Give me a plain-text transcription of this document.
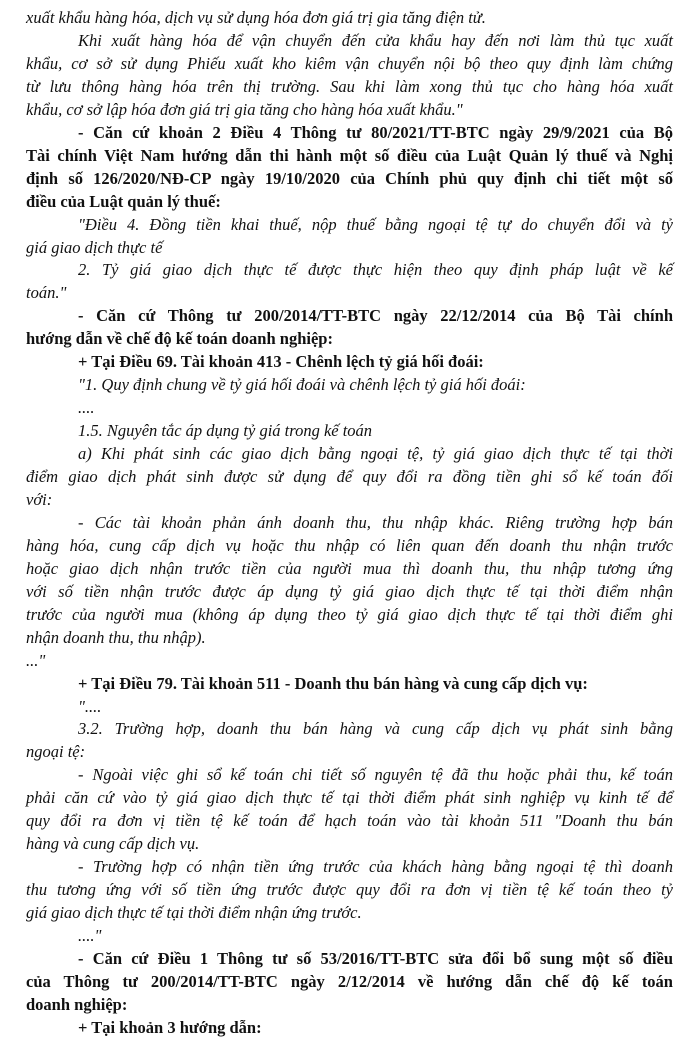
xuất khẩu hàng hóa, dịch vụ sử dụng hóa đơn giá trị gia tăng điện tử.
Khi xuất hàng hóa để vận chuyển đến cửa khẩu hay đến nơi làm thủ tục xuất
khẩu, cơ sở sử dụng Phiếu xuất kho kiêm vận chuyển nội bộ theo quy định làm chứng
từ lưu thông hàng hóa trên thị trường. Sau khi làm xong thủ tục cho hàng hóa xuất
khẩu, cơ sở lập hóa đơn giá trị gia tăng cho hàng hóa xuất khẩu."
- Căn cứ khoản 2 Điều 4 Thông tư 80/2021/TT-BTC ngày 29/9/2021 của Bộ
Tài chính Việt Nam hướng dẫn thi hành một số điều của Luật Quản lý thuế và Nghị
định số 126/2020/NĐ-CP ngày 19/10/2020 của Chính phủ quy định chi tiết một số
điều của Luật quản lý thuế:
"Điều 4. Đồng tiền khai thuế, nộp thuế bằng ngoại tệ tự do chuyển đổi và tỷ
giá giao dịch thực tế
2. Tỷ giá giao dịch thực tế được thực hiện theo quy định pháp luật về kế
toán."
- Căn cứ Thông tư 200/2014/TT-BTC ngày 22/12/2014 của Bộ Tài chính
hướng dẫn về chế độ kế toán doanh nghiệp:
+ Tại Điều 69. Tài khoản 413 - Chênh lệch tỷ giá hối đoái:
"1. Quy định chung về tỷ giá hối đoái và chênh lệch tỷ giá hối đoái:
....
1.5. Nguyên tắc áp dụng tỷ giá trong kế toán
a) Khi phát sinh các giao dịch bằng ngoại tệ, tỷ giá giao dịch thực tế tại thời
điểm giao dịch phát sinh được sử dụng để quy đổi ra đồng tiền ghi sổ kế toán đối
với:
- Các tài khoản phản ánh doanh thu, thu nhập khác. Riêng trường hợp bán
hàng hóa, cung cấp dịch vụ hoặc thu nhập có liên quan đến doanh thu nhận trước
hoặc giao dịch nhận trước tiền của người mua thì doanh thu, thu nhập tương ứng
với số tiền nhận trước được áp dụng tỷ giá giao dịch thực tế tại thời điểm nhận
trước của người mua (không áp dụng theo tỷ giá giao dịch thực tế tại thời điểm ghi
nhận doanh thu, thu nhập).
..."
+ Tại Điều 79. Tài khoản 511 - Doanh thu bán hàng và cung cấp dịch vụ:
"....
3.2. Trường hợp, doanh thu bán hàng và cung cấp dịch vụ phát sinh bằng
ngoại tệ:
- Ngoài việc ghi sổ kế toán chi tiết số nguyên tệ đã thu hoặc phải thu, kế toán
phải căn cứ vào tỷ giá giao dịch thực tế tại thời điểm phát sinh nghiệp vụ kinh tế để
quy đổi ra đơn vị tiền tệ kế toán để hạch toán vào tài khoản 511 "Doanh thu bán
hàng và cung cấp dịch vụ.
- Trường hợp có nhận tiền ứng trước của khách hàng bằng ngoại tệ thì doanh
thu tương ứng với số tiền ứng trước được quy đổi ra đơn vị tiền tệ kế toán theo tỷ
giá giao dịch thực tế tại thời điểm nhận ứng trước.
...."
- Căn cứ Điều 1 Thông tư số 53/2016/TT-BTC sửa đổi bổ sung một số điều
của Thông tư 200/2014/TT-BTC ngày 2/12/2014 về hướng dẫn chế độ kế toán
doanh nghiệp:
+ Tại khoản 3 hướng dẫn:
